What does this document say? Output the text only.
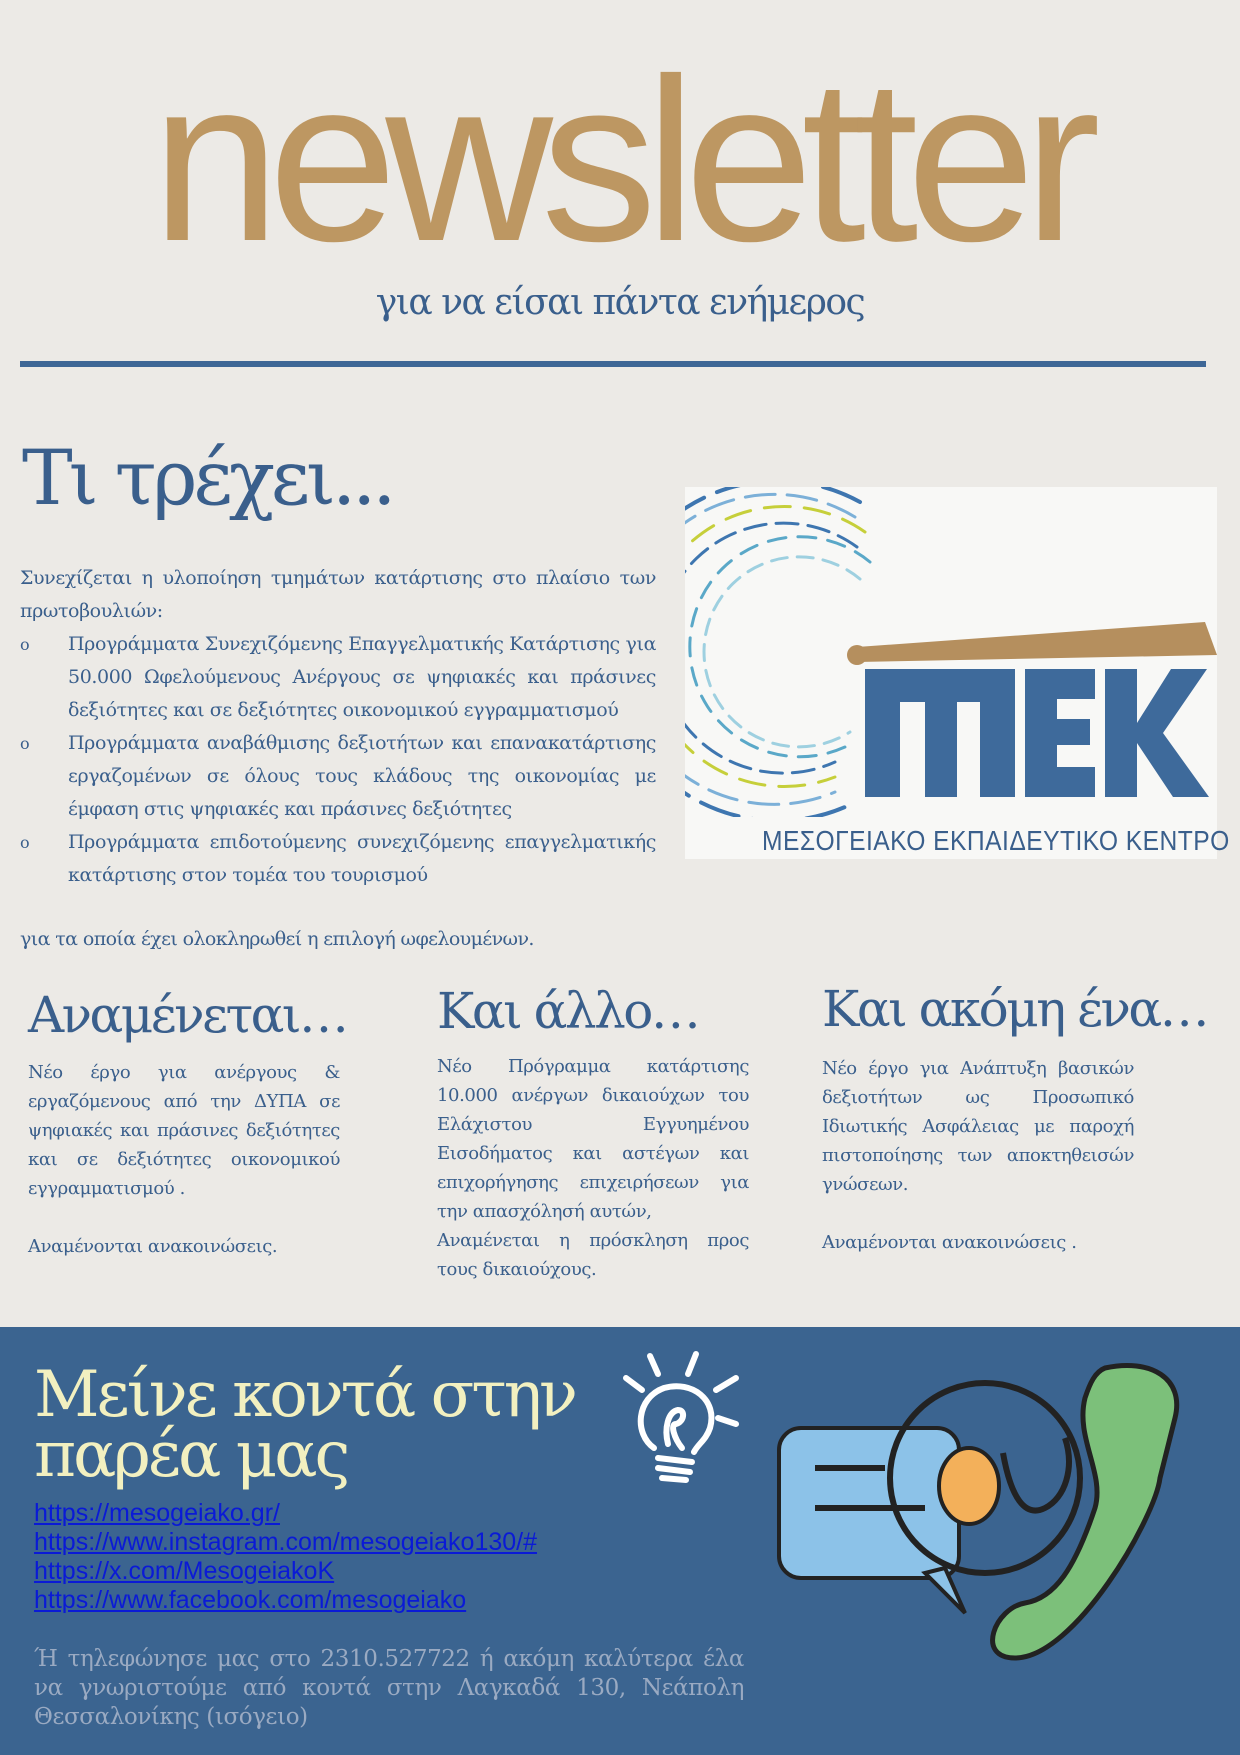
newsletter
για να είσαι πάντα ενήμερος
Τι τρέχει...

Συνεχίζεται η υλοποίηση τμημάτων κατάρτισης στο πλαίσιο των πρωτοβουλιών:

o Προγράμματα Συνεχιζόμενης Επαγγελματικής Κατάρτισης για 50.000 Ωφελούμενους Ανέργους σε ψηφιακές και πράσινες δεξιότητες και σε δεξιότητες οικονομικού εγγραμματισμού
o Προγράμματα αναβάθμισης δεξιοτήτων και επανακατάρτισης εργαζομένων σε όλους τους κλάδους της οικονομίας με έμφαση στις ψηφιακές και πράσινες δεξιότητες
o Προγράμματα επιδοτούμενης συνεχιζόμενης επαγγελματικής κατάρτισης στον τομέα του τουρισμού

για τα οποία έχει ολοκληρωθεί η επιλογή ωφελουμένων.

ΜΕΣΟΓΕΙΑΚΟ ΕΚΠΑΙΔΕΥΤΙΚΟ ΚΕΝΤΡΟ
Αναμένεται…

Νέο έργο για ανέργους & εργαζόμενους από την ΔΥΠΑ σε ψηφιακές και πράσινες δεξιότητες και σε δεξιότητες οικονομικού εγγραμματισμού .

Αναμένονται ανακοινώσεις.

Και άλλο…

Νέο Πρόγραμμα κατάρτισης 10.000 ανέργων δικαιούχων του Ελάχιστου Εγγυημένου Εισοδήματος και αστέγων και επιχορήγησης επιχειρήσεων για την απασχόλησή αυτών,

Αναμένεται η πρόσκληση προς τους δικαιούχους.

Και ακόμη ένα…

Νέο έργο για Ανάπτυξη βασικών δεξιοτήτων ως Προσωπικό Ιδιωτικής Ασφάλειας με παροχή πιστοποίησης των αποκτηθεισών γνώσεων.

Αναμένονται ανακοινώσεις .

Μείνε κοντά στην
παρέα μας
https://mesogeiako.gr/
https://www.instagram.com/mesogeiako130/#
https://x.com/MesogeiakoK
https://www.facebook.com/mesogeiako

Ή τηλεφώνησε μας στο 2310.527722 ή ακόμη καλύτερα έλα να γνωριστούμε από κοντά στην Λαγκαδά 130, Νεάπολη Θεσσαλονίκης (ισόγειο)
